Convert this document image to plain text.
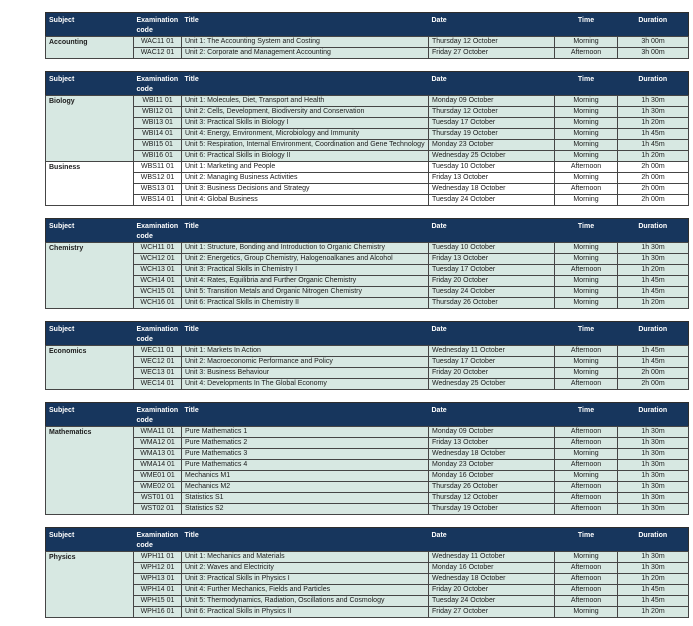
Subject	Examination
code	Title	Date	Time	Duration
Accounting	WAC11 01	Unit 1: The Accounting System and Costing	Thursday 12 October	Morning	3h 00m
	WAC12 01	Unit 2: Corporate and Management Accounting	Friday 27 October	Afternoon	3h 00m
Subject	Examination
code	Title	Date	Time	Duration
Biology	WBI11 01	Unit 1: Molecules, Diet, Transport and Health	Monday 09 October	Morning	1h 30m
	WBI12 01	Unit 2: Cells, Development, Biodiversity and Conservation	Thursday 12 October	Morning	1h 30m
	WBI13 01	Unit 3: Practical Skills in Biology I	Tuesday 17 October	Morning	1h 20m
	WBI14 01	Unit 4: Energy, Environment, Microbiology and Immunity	Thursday 19 October	Morning	1h 45m
	WBI15 01	Unit 5: Respiration, Internal Environment, Coordination and Gene Technology	Monday 23 October	Morning	1h 45m
	WBI16 01	Unit 6: Practical Skills in Biology II	Wednesday 25 October	Morning	1h 20m
Business	WBS11 01	Unit 1: Marketing and People	Tuesday 10 October	Afternoon	2h 00m
	WBS12 01	Unit 2: Managing Business Activities	Friday 13 October	Morning	2h 00m
	WBS13 01	Unit 3: Business Decisions and Strategy	Wednesday 18 October	Afternoon	2h 00m
	WBS14 01	Unit 4: Global Business	Tuesday 24 October	Morning	2h 00m
Subject	Examination
code	Title	Date	Time	Duration
Chemistry	WCH11 01	Unit 1: Structure, Bonding and Introduction to Organic Chemistry	Tuesday 10 October	Morning	1h 30m
	WCH12 01	Unit 2: Energetics, Group Chemistry, Halogenoalkanes and Alcohol	Friday 13 October	Morning	1h 30m
	WCH13 01	Unit 3: Practical Skills in Chemistry I	Tuesday 17 October	Afternoon	1h 20m
	WCH14 01	Unit 4: Rates, Equilibria and Further Organic Chemistry	Friday 20 October	Morning	1h 45m
	WCH15 01	Unit 5: Transition Metals and Organic Nitrogen Chemistry	Tuesday 24 October	Morning	1h 45m
	WCH16 01	Unit 6: Practical Skills in Chemistry II	Thursday 26 October	Morning	1h 20m
Subject	Examination
code	Title	Date	Time	Duration
Economics	WEC11 01	Unit 1: Markets In Action	Wednesday 11 October	Afternoon	1h 45m
	WEC12 01	Unit 2: Macroeconomic Performance and Policy	Tuesday 17 October	Morning	1h 45m
	WEC13 01	Unit 3: Business Behaviour	Friday 20 October	Morning	2h 00m
	WEC14 01	Unit 4: Developments In The Global Economy	Wednesday 25 October	Afternoon	2h 00m
Subject	Examination
code	Title	Date	Time	Duration
Mathematics	WMA11 01	Pure Mathematics 1	Monday 09 October	Afternoon	1h 30m
	WMA12 01	Pure Mathematics 2	Friday 13 October	Afternoon	1h 30m
	WMA13 01	Pure Mathematics 3	Wednesday 18 October	Morning	1h 30m
	WMA14 01	Pure Mathematics 4	Monday 23 October	Afternoon	1h 30m
	WME01 01	Mechanics M1	Monday 16 October	Morning	1h 30m
	WME02 01	Mechanics M2	Thursday 26 October	Afternoon	1h 30m
	WST01 01	Statistics S1	Thursday 12 October	Afternoon	1h 30m
	WST02 01	Statistics S2	Thursday 19 October	Afternoon	1h 30m
Subject	Examination
code	Title	Date	Time	Duration
Physics	WPH11 01	Unit 1: Mechanics and Materials	Wednesday 11 October	Morning	1h 30m
	WPH12 01	Unit 2: Waves and Electricity	Monday 16 October	Afternoon	1h 30m
	WPH13 01	Unit 3: Practical Skills in Physics I	Wednesday 18 October	Afternoon	1h 20m
	WPH14 01	Unit 4: Further Mechanics, Fields and Particles	Friday 20 October	Afternoon	1h 45m
	WPH15 01	Unit 5: Thermodynamics, Radiation, Oscillations and Cosmology	Tuesday 24 October	Afternoon	1h 45m
	WPH16 01	Unit 6: Practical Skills in Physics II	Friday 27 October	Morning	1h 20m
